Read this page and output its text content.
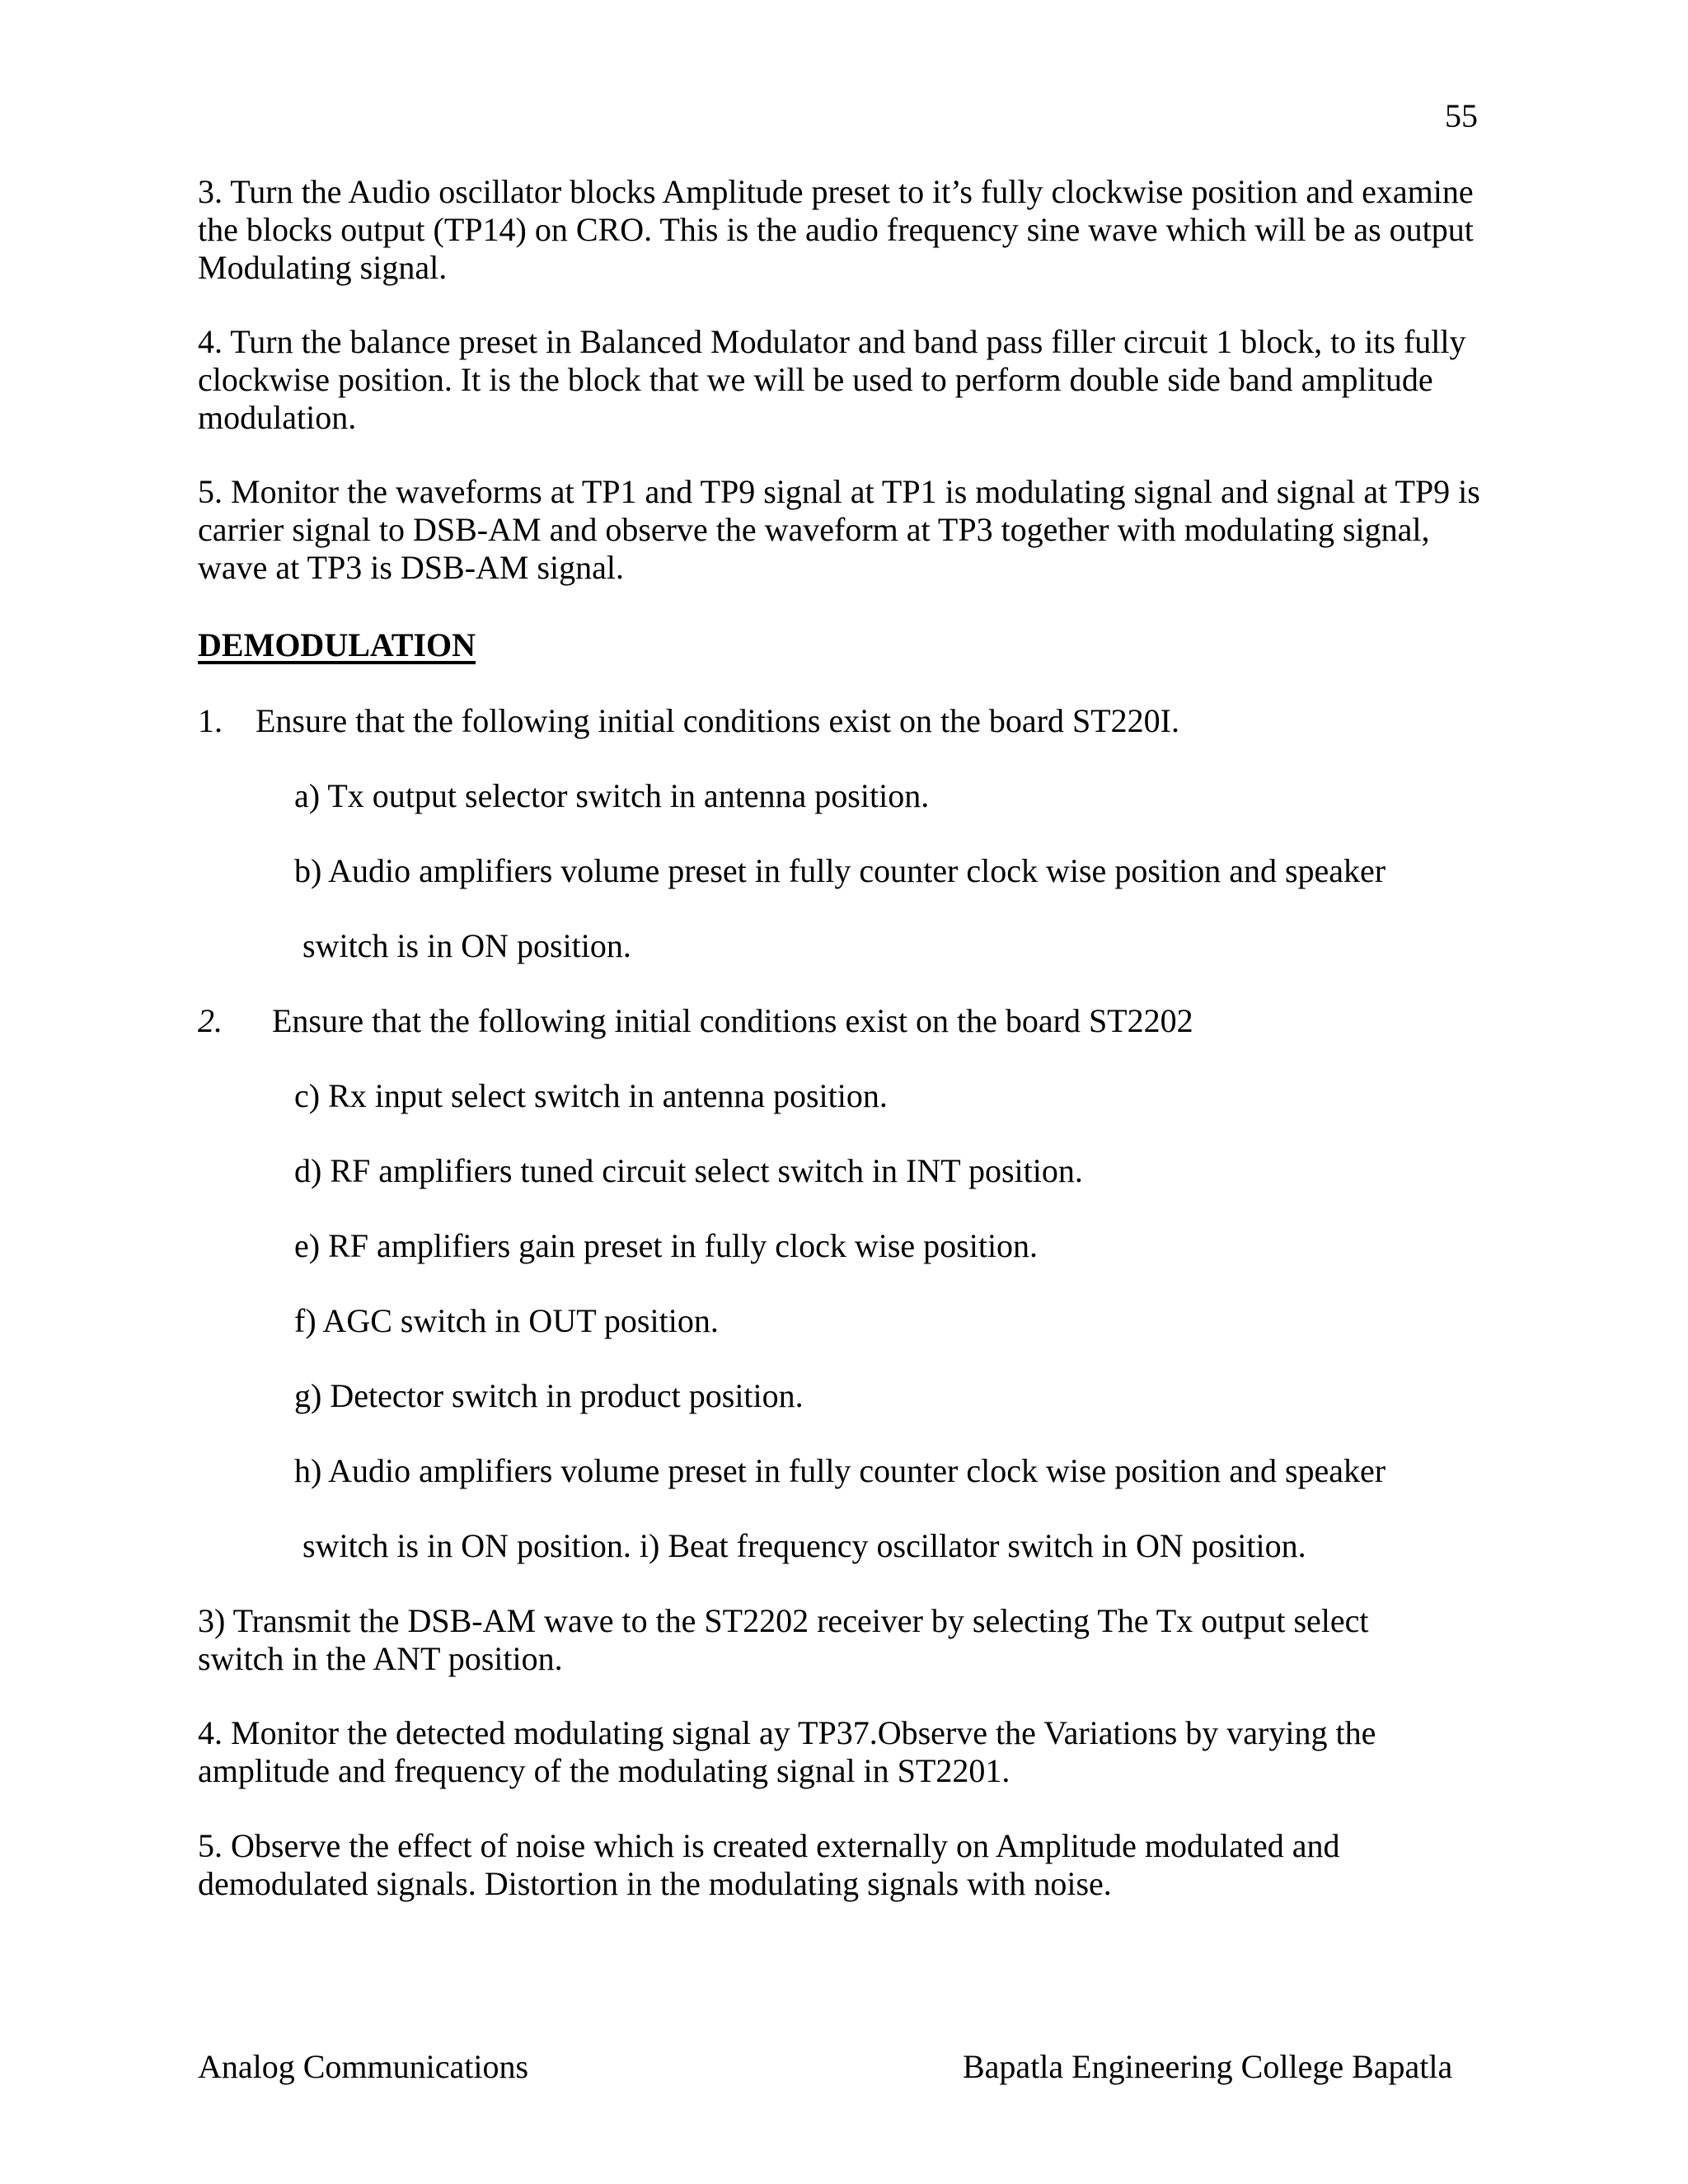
55
3. Turn the Audio oscillator blocks Amplitude preset to it’s fully clockwise position and examine
the blocks output (TP14) on CRO. This is the audio frequency sine wave which will be as output
Modulating signal.
4. Turn the balance preset in Balanced Modulator and band pass filler circuit 1 block, to its fully
clockwise position. It is the block that we will be used to perform double side band amplitude
modulation.
5. Monitor the waveforms at TP1 and TP9 signal at TP1 is modulating signal and signal at TP9 is
carrier signal to DSB-AM and observe the waveform at TP3 together with modulating signal,
wave at TP3 is DSB-AM signal.
DEMODULATION
1. Ensure that the following initial conditions exist on the board ST220I.
a) Tx output selector switch in antenna position.
b) Audio amplifiers volume preset in fully counter clock wise position and speaker
switch is in ON position.
2. Ensure that the following initial conditions exist on the board ST2202
c) Rx input select switch in antenna position.
d) RF amplifiers tuned circuit select switch in INT position.
e) RF amplifiers gain preset in fully clock wise position.
f) AGC switch in OUT position.
g) Detector switch in product position.
h) Audio amplifiers volume preset in fully counter clock wise position and speaker
switch is in ON position. i) Beat frequency oscillator switch in ON position.
3) Transmit the DSB-AM wave to the ST2202 receiver by selecting The Tx output select
switch in the ANT position.
4. Monitor the detected modulating signal ay TP37.Observe the Variations by varying the
amplitude and frequency of the modulating signal in ST2201.
5. Observe the effect of noise which is created externally on Amplitude modulated and
demodulated signals. Distortion in the modulating signals with noise.
Analog Communications	Bapatla Engineering College Bapatla
